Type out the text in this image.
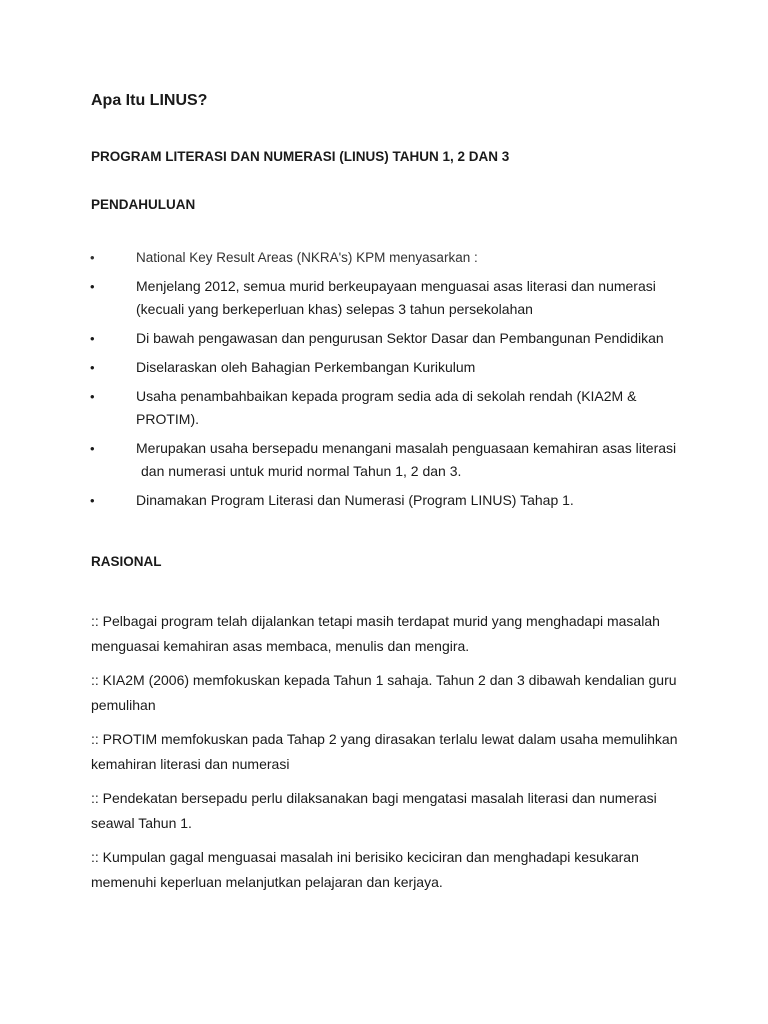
Apa Itu LINUS?
PROGRAM LITERASI DAN NUMERASI (LINUS) TAHUN 1, 2 DAN 3
PENDAHULUAN
•	National Key Result Areas (NKRA's) KPM menyasarkan :
•	Menjelang 2012, semua murid berkeupayaan menguasai asas literasi dan numerasi
(kecuali yang berkeperluan khas) selepas 3 tahun persekolahan
•	Di bawah pengawasan dan pengurusan Sektor Dasar dan Pembangunan Pendidikan
•	Diselaraskan oleh Bahagian Perkembangan Kurikulum
•	Usaha penambahbaikan kepada program sedia ada di sekolah rendah (KIA2M &
PROTIM).
•	Merupakan usaha bersepadu menangani masalah penguasaan kemahiran asas literasi
dan numerasi untuk murid normal Tahun 1, 2 dan 3.
•	Dinamakan Program Literasi dan Numerasi (Program LINUS) Tahap 1.
RASIONAL

:: Pelbagai program telah dijalankan tetapi masih terdapat murid yang menghadapi masalah
menguasai kemahiran asas membaca, menulis dan mengira.

:: KIA2M (2006) memfokuskan kepada Tahun 1 sahaja. Tahun 2 dan 3 dibawah kendalian guru
pemulihan

:: PROTIM memfokuskan pada Tahap 2 yang dirasakan terlalu lewat dalam usaha memulihkan
kemahiran literasi dan numerasi

:: Pendekatan bersepadu perlu dilaksanakan bagi mengatasi masalah literasi dan numerasi
seawal Tahun 1.

:: Kumpulan gagal menguasai masalah ini berisiko keciciran dan menghadapi kesukaran
memenuhi keperluan melanjutkan pelajaran dan kerjaya.
